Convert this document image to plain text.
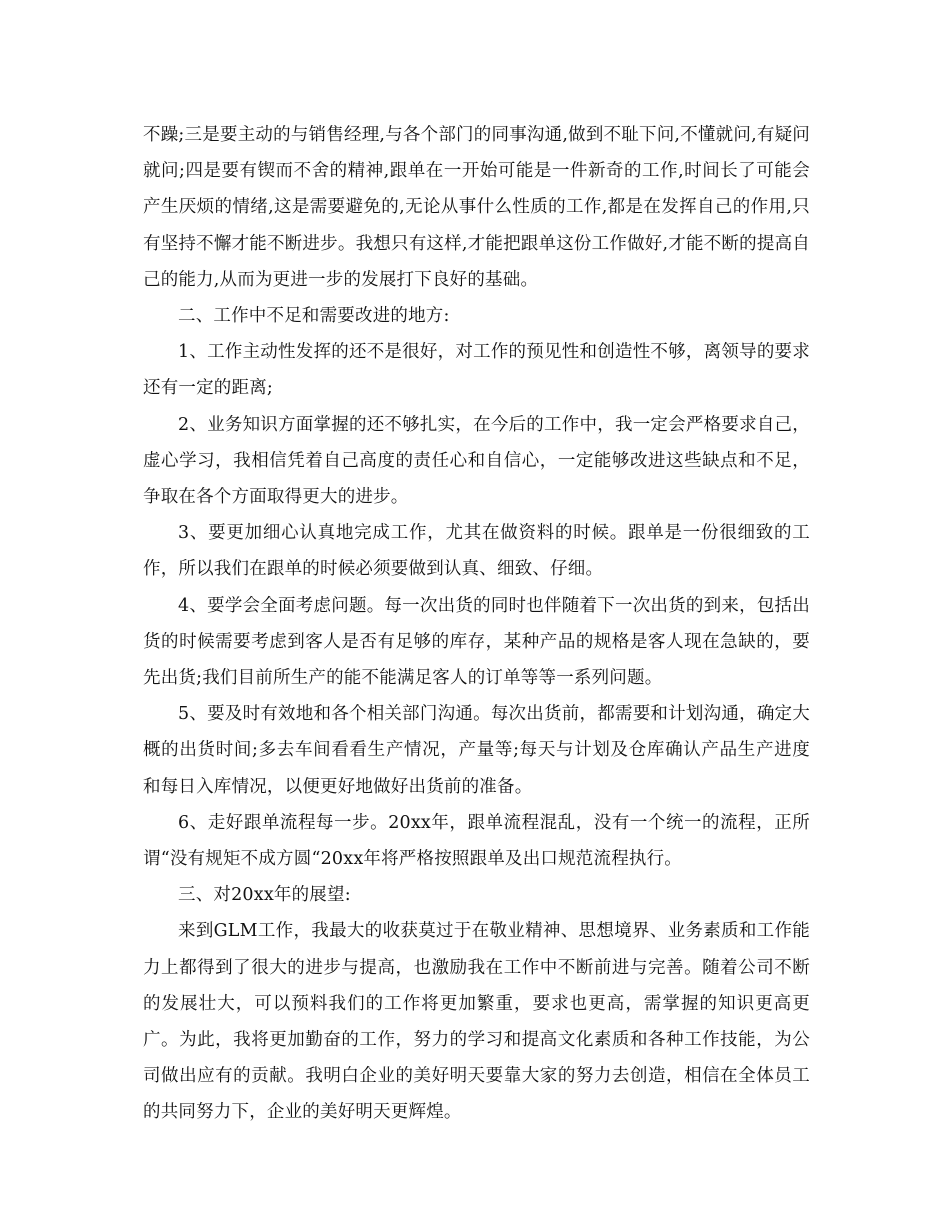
不躁;三是要主动的与销售经理,与各个部门的同事沟通,做到不耻下问,不懂就问,有疑问就问;四是要有锲而不舍的精神,跟单在一开始可能是一件新奇的工作,时间长了可能会产生厌烦的情绪,这是需要避免的,无论从事什么性质的工作,都是在发挥自己的作用,只有坚持不懈才能不断进步。我想只有这样,才能把跟单这份工作做好,才能不断的提高自己的能力,从而为更进一步的发展打下良好的基础。

二、工作中不足和需要改进的地方:

1、工作主动性发挥的还不是很好，对工作的预见性和创造性不够，离领导的要求还有一定的距离;

2、业务知识方面掌握的还不够扎实，在今后的工作中，我一定会严格要求自己，虚心学习，我相信凭着自己高度的责任心和自信心，一定能够改进这些缺点和不足，争取在各个方面取得更大的进步。

3、要更加细心认真地完成工作，尤其在做资料的时候。跟单是一份很细致的工作，所以我们在跟单的时候必须要做到认真、细致、仔细。

4、要学会全面考虑问题。每一次出货的同时也伴随着下一次出货的到来，包括出货的时候需要考虑到客人是否有足够的库存，某种产品的规格是客人现在急缺的，要先出货;我们目前所生产的能不能满足客人的订单等等一系列问题。

5、要及时有效地和各个相关部门沟通。每次出货前，都需要和计划沟通，确定大概的出货时间;多去车间看看生产情况，产量等;每天与计划及仓库确认产品生产进度和每日入库情况，以便更好地做好出货前的准备。

6、走好跟单流程每一步。20xx年，跟单流程混乱，没有一个统一的流程，正所谓“没有规矩不成方圆“20xx年将严格按照跟单及出口规范流程执行。

三、对20xx年的展望:

来到GLM工作，我最大的收获莫过于在敬业精神、思想境界、业务素质和工作能力上都得到了很大的进步与提高，也激励我在工作中不断前进与完善。随着公司不断的发展壮大，可以预料我们的工作将更加繁重，要求也更高，需掌握的知识更高更广。为此，我将更加勤奋的工作，努力的学习和提高文化素质和各种工作技能，为公司做出应有的贡献。我明白企业的美好明天要靠大家的努力去创造，相信在全体员工的共同努力下，企业的美好明天更辉煌。
